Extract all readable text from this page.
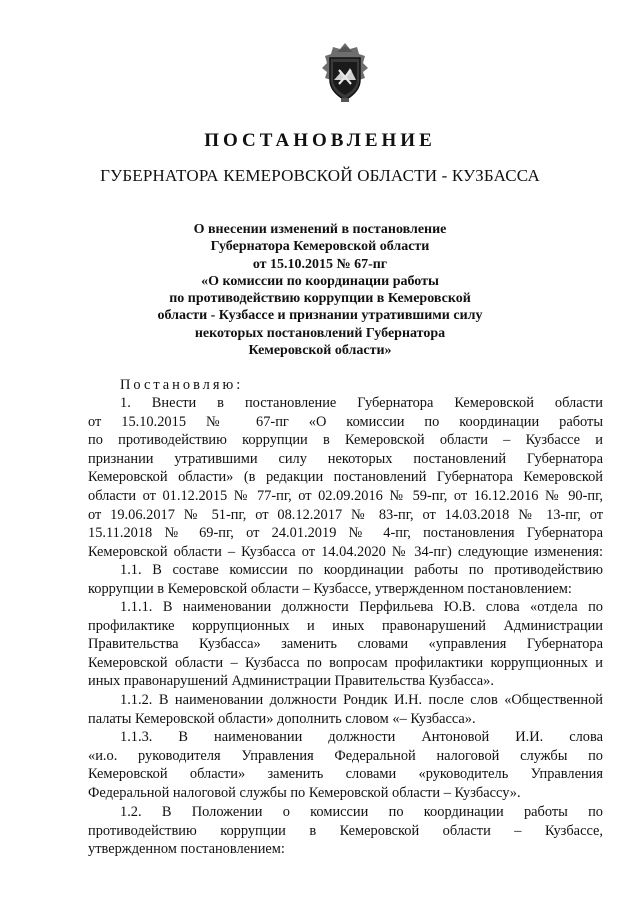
ПОСТАНОВЛЕНИЕ
ГУБЕРНАТОРА КЕМЕРОВСКОЙ ОБЛАСТИ - КУЗБАССА
О внесении изменений в постановление
Губернатора Кемеровской области
от 15.10.2015 № 67-пг
«О комиссии по координации работы
по противодействию коррупции в Кемеровской
области - Кузбассе и признании утратившими силу
некоторых постановлений Губернатора
Кемеровской области»
Постановляю:
1. Внести в постановление Губернатора Кемеровской области
от 15.10.2015 № 67-пг «О комиссии по координации работы
по противодействию коррупции в Кемеровской области – Кузбассе и
признании утратившими силу некоторых постановлений Губернатора
Кемеровской области» (в редакции постановлений Губернатора Кемеровской
области от 01.12.2015 № 77-пг, от 02.09.2016 № 59-пг, от 16.12.2016 № 90-пг,
от 19.06.2017 № 51-пг, от 08.12.2017 № 83-пг, от 14.03.2018 № 13-пг, от
15.11.2018 № 69-пг, от 24.01.2019 № 4-пг, постановления Губернатора
Кемеровской области – Кузбасса от 14.04.2020 № 34-пг) следующие изменения:
1.1. В составе комиссии по координации работы по противодействию
коррупции в Кемеровской области – Кузбассе, утвержденном постановлением:
1.1.1. В наименовании должности Перфильева Ю.В. слова «отдела по
профилактике коррупционных и иных правонарушений Администрации
Правительства Кузбасса» заменить словами «управления Губернатора
Кемеровской области – Кузбасса по вопросам профилактики коррупционных и
иных правонарушений Администрации Правительства Кузбасса».
1.1.2. В наименовании должности Рондик И.Н. после слов «Общественной
палаты Кемеровской области» дополнить словом «– Кузбасса».
1.1.3. В наименовании должности Антоновой И.И. слова
«и.о. руководителя Управления Федеральной налоговой службы по
Кемеровской области» заменить словами «руководитель Управления
Федеральной налоговой службы по Кемеровской области – Кузбассу».
1.2. В Положении о комиссии по координации работы по
противодействию коррупции в Кемеровской области – Кузбассе,
утвержденном постановлением:
